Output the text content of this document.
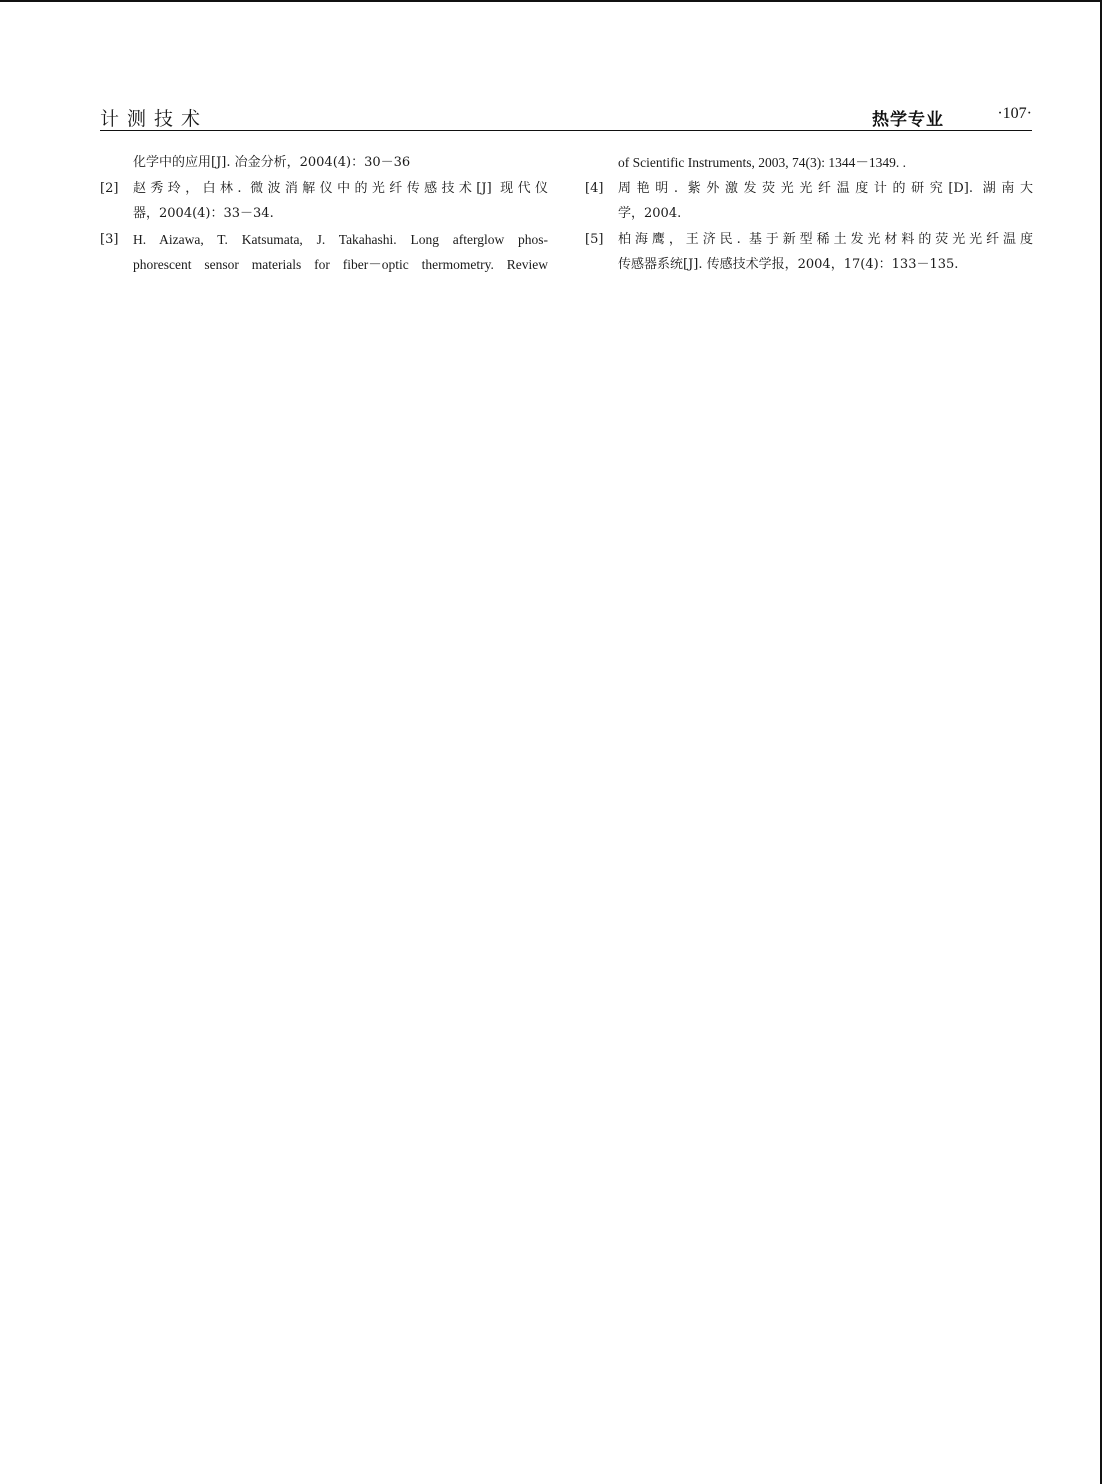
计测技术	热学专业	·107·
化学中的应用[J]. 冶金分析，2004(4)：30－36
[2]	赵秀玲，白林. 微波消解仪中的光纤传感技术[J] 现代仪
器，2004(4)：33－34.
[3]	H. Aizawa, T. Katsumata, J. Takahashi. Long afterglow phos-
phorescent sensor materials for fiber－optic thermometry. Review
of Scientific Instruments, 2003, 74(3): 1344－1349. .
[4]	周艳明. 紫外激发荧光光纤温度计的研究[D]. 湖南大
学，2004.
[5]	柏海鹰，王济民. 基于新型稀土发光材料的荧光光纤温度
传感器系统[J]. 传感技术学报，2004，17(4)：133－135.
